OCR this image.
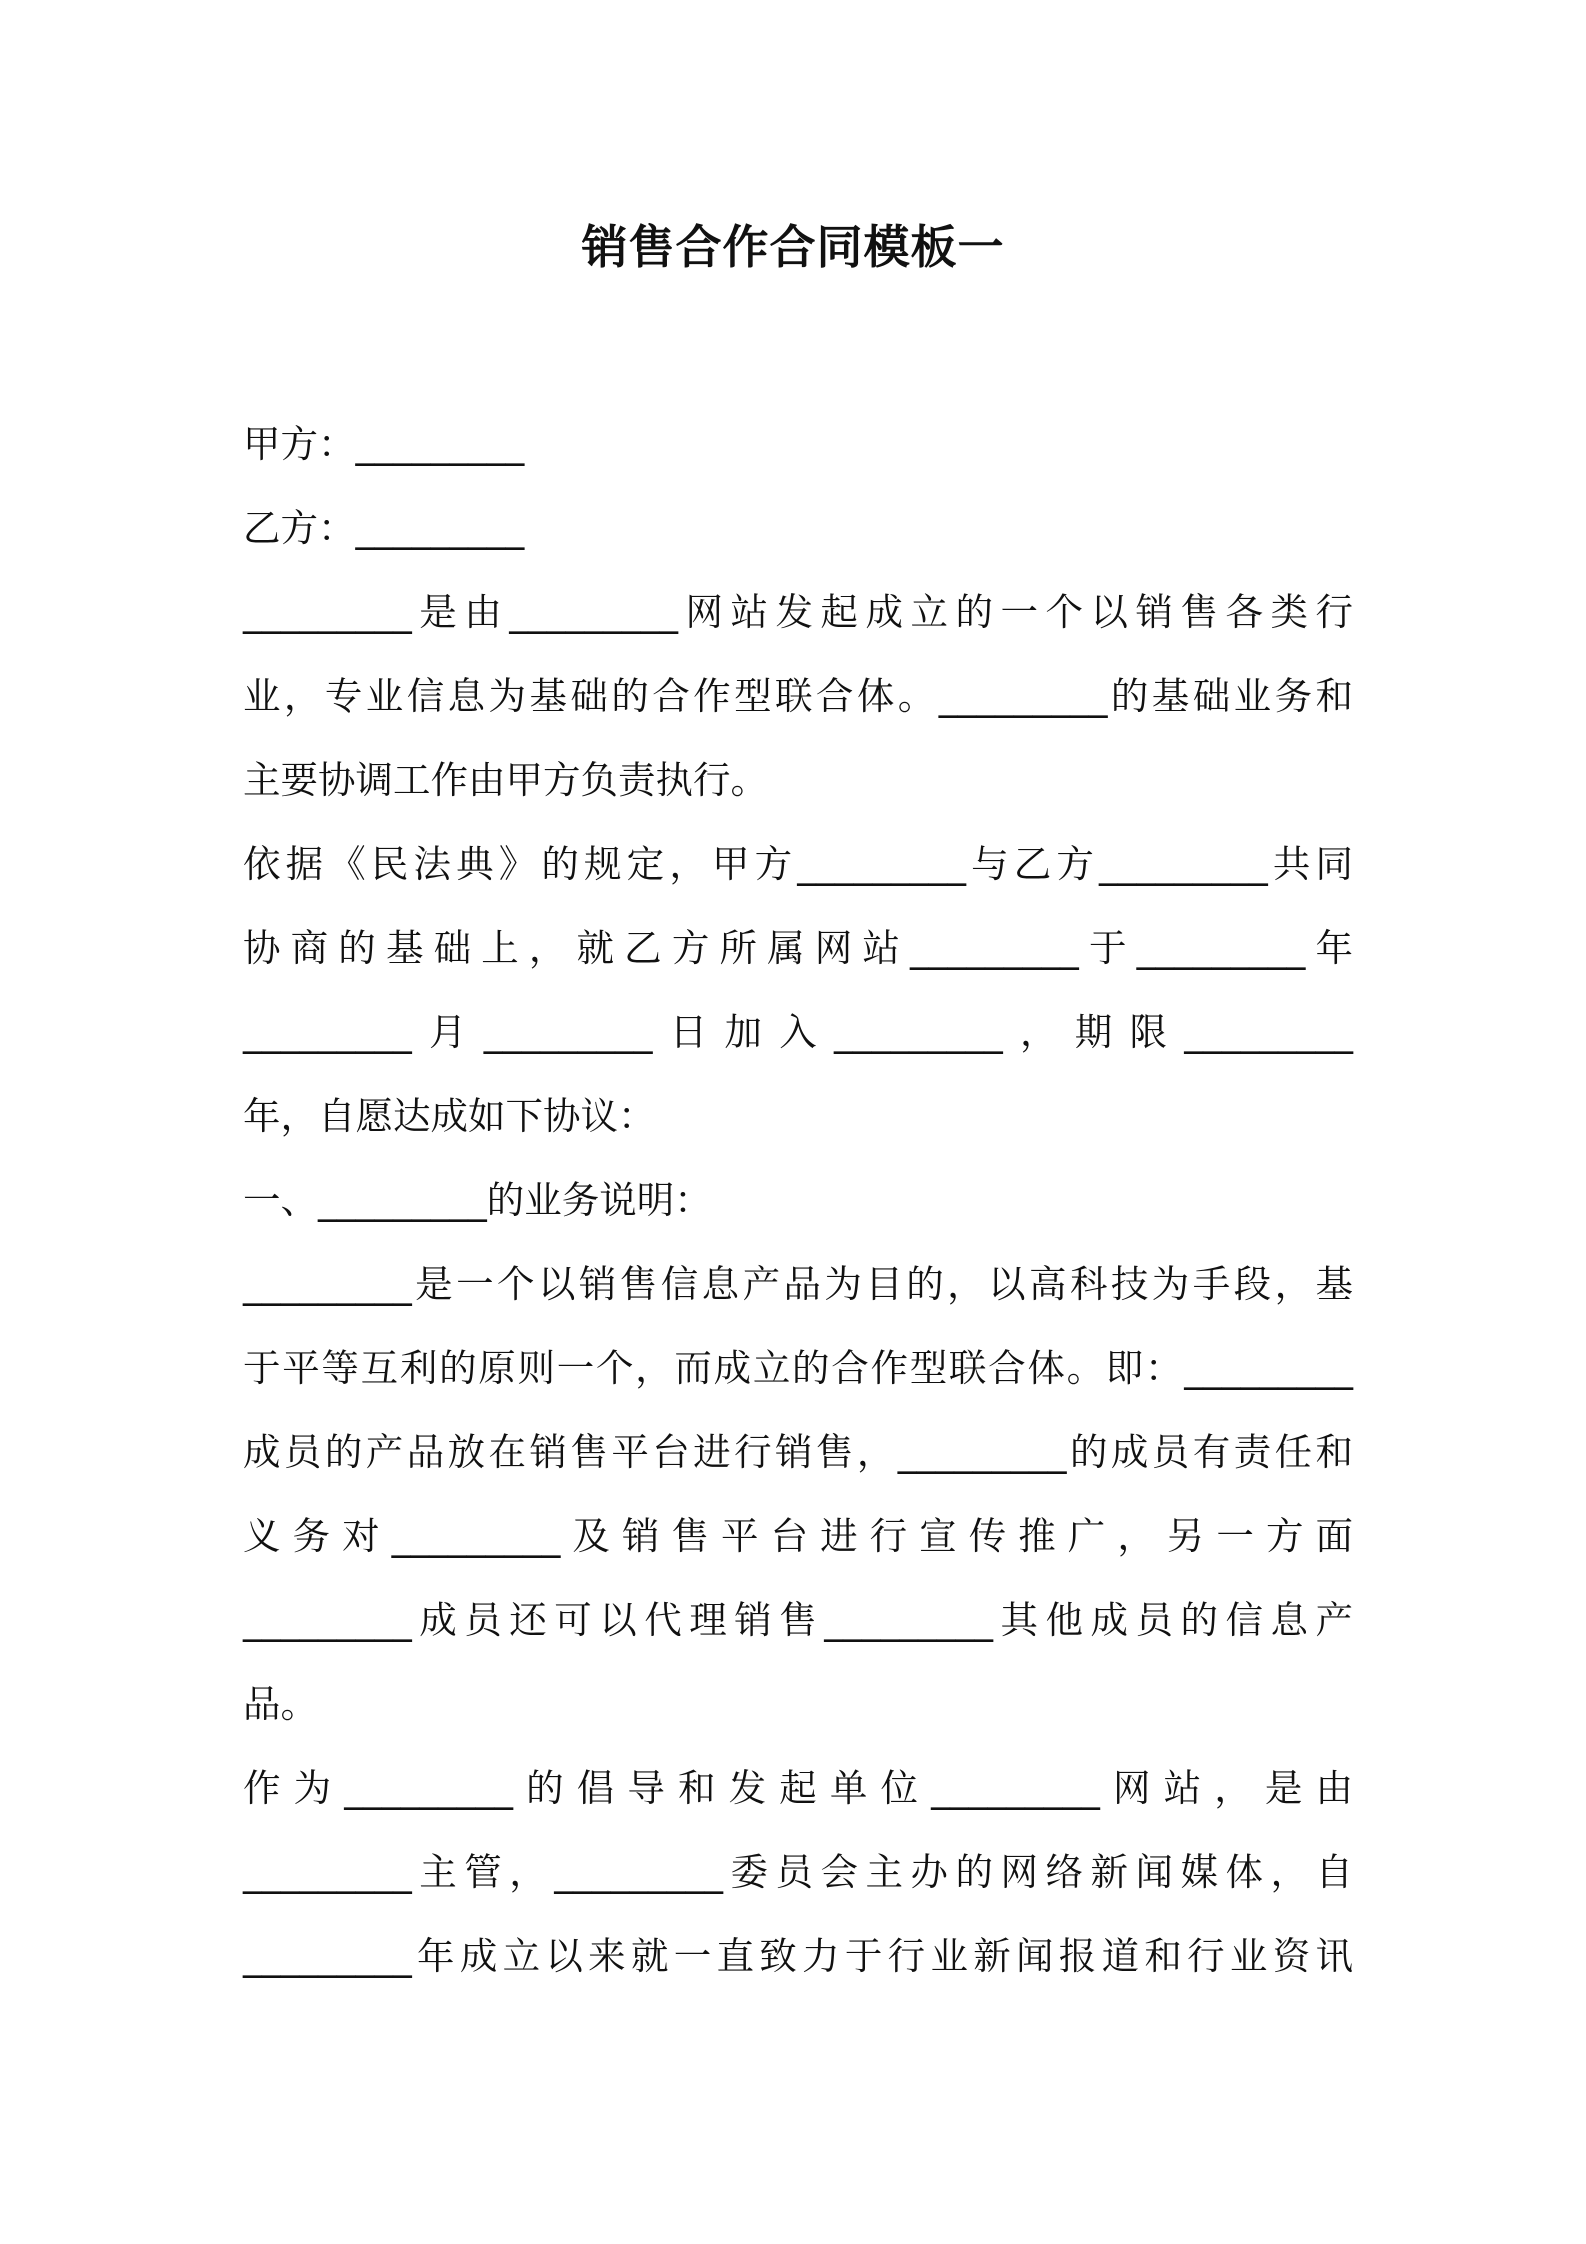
销售合作合同模板一
甲方：_________
乙方：_________
_________是由_________网站发起成立的一个以销售各类行
业，专业信息为基础的合作型联合体。_________的基础业务和
主要协调工作由甲方负责执行。
依据《民法典》的规定，甲方_________与乙方_________共同
协商的基础上，就乙方所属网站_________于_________年
_________月_________日加入_________，期限_________
年，自愿达成如下协议：
一、_________的业务说明：
_________是一个以销售信息产品为目的，以高科技为手段，基
于平等互利的原则一个，而成立的合作型联合体。即：_________
成员的产品放在销售平台进行销售，_________的成员有责任和
义务对_________及销售平台进行宣传推广，另一方面
_________成员还可以代理销售_________其他成员的信息产
品。
作为_________的倡导和发起单位_________网站，是由
_________主管，_________委员会主办的网络新闻媒体，自
_________年成立以来就一直致力于行业新闻报道和行业资讯
